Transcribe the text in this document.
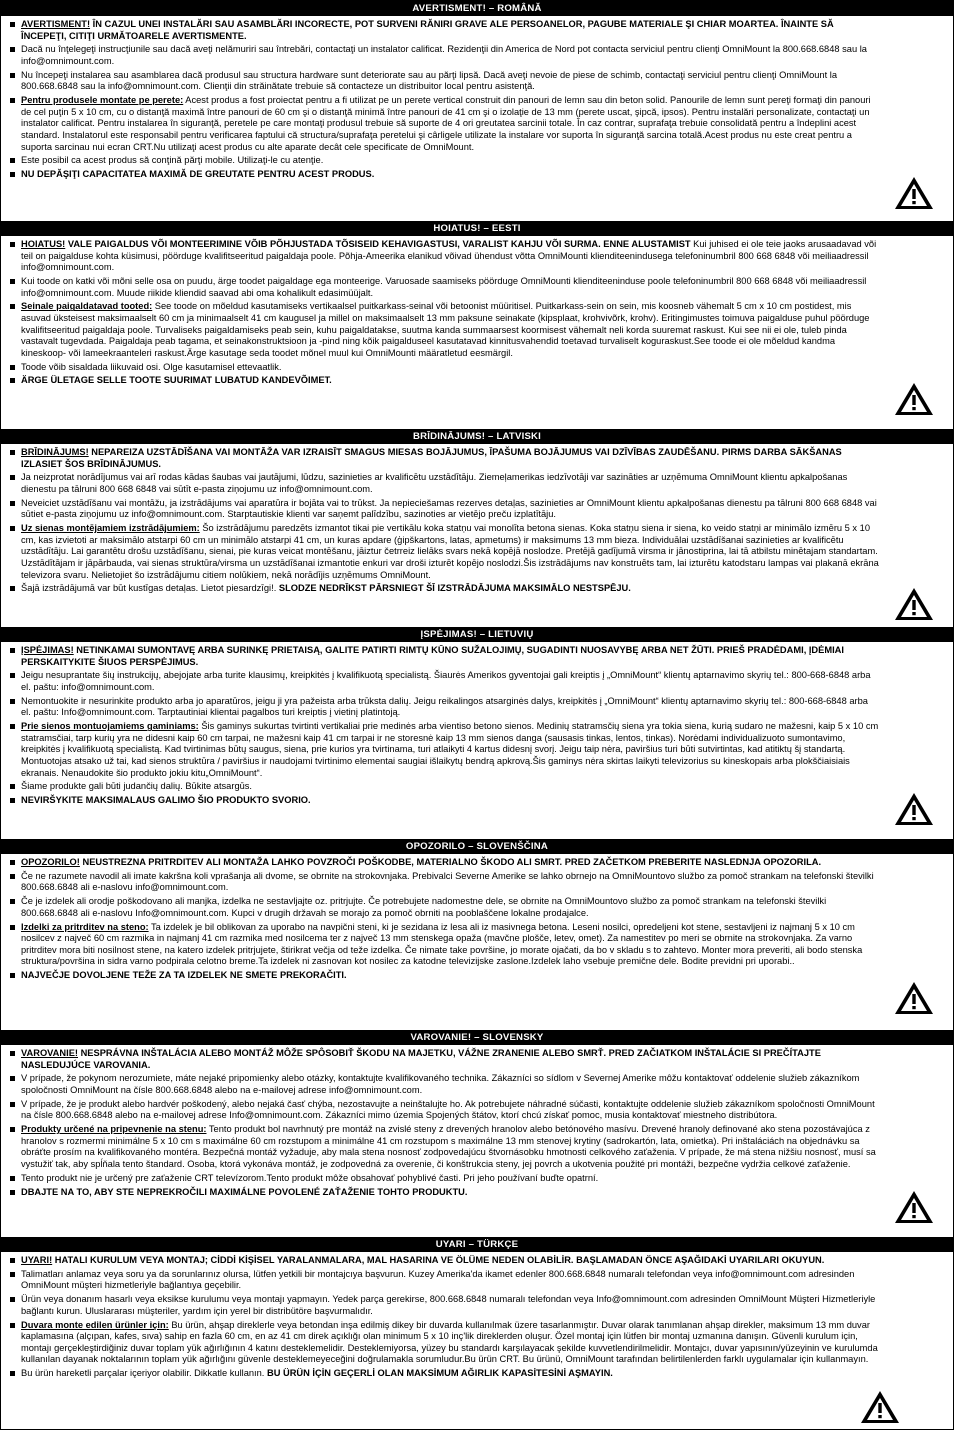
AVERTISMENT! – ROMÂNĂ
AVERTISMENT! ÎN CAZUL UNEI INSTALĂRI SAU ASAMBLĂRI INCORECTE, POT SURVENI RĂNIRI GRAVE ALE PERSOANELOR, PAGUBE MATERIALE ŞI CHIAR MOARTEA. ÎNAINTE SĂ ÎNCEPEŢI, CITIŢI URMĂTOARELE AVERTISMENTE.
Dacă nu înţelegeţi instrucţiunile sau dacă aveţi nelămuriri sau întrebări, contactaţi un instalator calificat. Rezidenţii din America de Nord pot contacta serviciul pentru clienţi OmniMount la 800.668.6848 sau la info@omnimount.com.
Nu începeţi instalarea sau asamblarea dacă produsul sau structura hardware sunt deteriorate sau au părţi lipsă. Dacă aveţi nevoie de piese de schimb, contactaţi serviciul pentru clienţi OmniMount la 800.668.6848 sau la info@omnimount.com. Clienţii din străinătate trebuie să contacteze un distribuitor local pentru asistenţă.
Pentru produsele montate pe perete: Acest produs a fost proiectat pentru a fi utilizat pe un perete vertical construit din panouri de lemn sau din beton solid. Panourile de lemn sunt pereţi formaţi din panouri de cel puţin 5 x 10 cm, cu o distanţă maximă între panouri de 60 cm şi o distanţă minimă între panouri de 41 cm şi o izolaţie de 13 mm (perete uscat, şipcă, ipsos). Pentru instalări personalizate, contactaţi un instalator calificat. Pentru instalarea în siguranţă, peretele pe care montaţi produsul trebuie să suporte de 4 ori greutatea sarcinii totale. În caz contrar, suprafaţa trebuie consolidată pentru a îndeplini acest standard. Instalatorul este responsabil pentru verificarea faptului că structura/suprafaţa peretelui şi cârligele utilizate la instalare vor suporta în siguranţă sarcina totală.Acest produs nu este creat pentru a suporta sarcinau nui ecran CRT.Nu utilizaţi acest produs cu alte aparate decât cele specificate de OmniMount.
Este posibil ca acest produs să conţină părţi mobile. Utilizaţi-le cu atenţie.
NU DEPĂŞIŢI CAPACITATEA MAXIMĂ DE GREUTATE PENTRU ACEST PRODUS.
HOIATUS! – EESTI
HOIATUS! VALE PAIGALDUS VÕI MONTEERIMINE VÕIB PÕHJUSTADA TÕSISEID KEHAVIGASTUSI, VARALIST KAHJU VÕI SURMA. ENNE ALUSTAMIST Kui juhised ei ole teie jaoks arusaadavad või teil on paigalduse kohta küsimusi, pöörduge kvalifitseeritud paigaldaja poole. Põhja-Ameerika elanikud võivad ühendust võtta OmniMounti klienditeenindusega telefoninumbril 800 668 6848 või meiliaadressil info@omnimount.com.
Kui toode on katki või mõni selle osa on puudu, ärge toodet paigaldage ega monteerige. Varuosade saamiseks pöörduge OmniMounti klienditeeninduse poole telefoninumbril 800 668 6848 või meiliaadressil info@omnimount.com. Muude riikide kliendid saavad abi oma kohalikult edasimüüjalt.
Seinale paigaldatavad tooted: See toode on mõeldud kasutamiseks vertikaalsel puitkarkass-seinal või betoonist müüritisel. Puitkarkass-sein on sein, mis koosneb vähemalt 5 cm x 10 cm postidest, mis asuvad üksteisest maksimaalselt 60 cm ja minimaalselt 41 cm kaugusel ja millel on maksimaalselt 13 mm paksune seinakate (kipsplaat, krohvivõrk, krohv). Eritingimustes toimuva paigalduse puhul pöörduge kvalifitseeritud paigaldaja poole. Turvaliseks paigaldamiseks peab sein, kuhu paigaldatakse, suutma kanda summaarsest koormisest vähemalt neli korda suuremat raskust. Kui see nii ei ole, tuleb pinda vastavalt tugevdada. Paigaldaja peab tagama, et seinakonstruktsioon ja -pind ning kõik paigalduseel kasutatavad kinnitusvahendid toetavad turvaliselt koguraskust.See toode ei ole mõeldud kandma kineskoop- või lameekraanteleri raskust.Ärge kasutage seda toodet mõnel muul kui OmniMounti määratletud eesmärgil.
Toode võib sisaldada liikuvaid osi. Olge kasutamisel ettevaatlik.
ÄRGE ÜLETAGE SELLE TOOTE SUURIMAT LUBATUD KANDEVÕIMET.
BRĪDINĀJUMS! – LATVISKI
BRĪDINĀJUMS! NEPAREIZA UZSTĀDĪŠANA VAI MONTĀŽA VAR IZRAISĪT SMAGUS MIESAS BOJĀJUMUS, ĪPAŠUMA BOJĀJUMUS VAI DZĪVĪBAS ZAUDĒŠANU. PIRMS DARBA SĀKŠANAS IZLASIET ŠOS BRĪDINĀJUMUS.
Ja neizprotat norādījumus vai arī rodas kādas šaubas vai jautājumi, lūdzu, sazinieties ar kvalificētu uzstādītāju. Ziemeļamerikas iedzīvotāji var sazināties ar uzņēmuma OmniMount klientu apkalpošanas dienestu pa tālruni 800 668 6848 vai sūtīt e-pasta ziņojumu uz info@omnimount.com.
Neveiciet uzstādīšanu vai montāžu, ja izstrādājums vai aparatūra ir bojāta vai to trūkst. Ja nepieciešamas rezerves detaļas, sazinieties ar OmniMount klientu apkalpošanas dienestu pa tālruni 800 668 6848 vai sūtiet e-pasta ziņojumu uz info@omnimount.com. Starptautiskie klienti var saņemt palīdzību, sazinoties ar vietējo preču izplatītāju.
Uz sienas montējamiem izstrādājumiem: Šo izstrādājumu paredzēts izmantot tikai pie vertikālu koka statņu vai monolīta betona sienas. Koka statņu siena ir siena, ko veido statņi ar minimālo izmēru 5 x 10 cm, kas izvietoti ar maksimālo atstarpi 60 cm un minimālo atstarpi 41 cm, un kuras apdare (ģipškartons, latas, apmetums) ir maksimums 13 mm bieza. Individuālai uzstādīšanai sazinieties ar kvalificētu uzstādītāju. Lai garantētu drošu uzstādīšanu, sienai, pie kuras veicat montēšanu, jāiztur četrreiz lielāks svars nekā kopējā noslodze. Pretējā gadījumā virsma ir jānostiprina, lai tā atbilstu minētajam standartam. Uzstādītājam ir jāpārbauda, vai sienas struktūra/virsma un uzstādīšanai izmantotie enkuri var droši izturēt kopējo noslodzi.Šis izstrādājums nav konstruēts tam, lai izturētu katodstaru lampas vai plakanā ekrāna televizora svaru. Nelietojiet šo izstrādājumu citiem nolūkiem, nekā norādījis uzņēmums OmniMount.
Šajā izstrādājumā var būt kustīgas detaļas. Lietot piesardzīgi!. SLODZE NEDRĪKST PĀRSNIEGT ŠĪ IZSTRĀDĀJUMA MAKSIMĀLO NESTSPĒJU.
ĮSPĖJIMAS! – LIETUVIŲ
ĮSPĖJIMAS! NETINKAMAI SUMONTAVĘ ARBA SURINKĘ PRIETAISĄ, GALITE PATIRTI RIMTŲ KŪNO SUŽALOJIMŲ, SUGADINTI NUOSAVYBĘ ARBA NET ŽŪTI. PRIEŠ PRADĖDAMI, ĮDĖMIAI PERSKAITYKITE ŠIUOS PERSPĖJIMUS.
Jeigu nesuprantate šių instrukcijų, abejojate arba turite klausimų, kreipkitės į kvalifikuotą specialistą. Šiaurės Amerikos gyventojai gali kreiptis į „OmniMount“ klientų aptarnavimo skyrių tel.: 800-668-6848 arba el. paštu: info@omnimount.com.
Nemontuokite ir nesurinkite produkto arba jo aparatūros, jeigu ji yra pažeista arba trūksta dalių. Jeigu reikalingos atsarginės dalys, kreipkitės į „OmniMount“ klientų aptarnavimo skyrių tel.: 800-668-6848 arba el. paštu: Info@omnimount.com. Tarptautiniai klientai pagalbos turi kreiptis į vietinį platintoją.
Prie sienos montuojamiems gaminiams: Šis gaminys sukurtas tvirtinti vertikaliai prie medinės arba vientiso betono sienos. Medinių statramsčių siena yra tokia siena, kurią sudaro ne mažesni, kaip 5 x 10 cm statramsčiai, tarp kurių yra ne didesni kaip 60 cm tarpai, ne mažesni kaip 41 cm tarpai ir ne storesnė kaip 13 mm sienos danga (sausasis tinkas, lentos, tinkas). Norėdami individualizuoto sumontavimo, kreipkitės į kvalifikuotą specialistą. Kad tvirtinimas būtų saugus, siena, prie kurios yra tvirtinama, turi atlaikyti 4 kartus didesnį svorį. Jeigu taip nėra, paviršius turi būti sutvirtintas, kad atitiktų šį standartą. Montuotojas atsako už tai, kad sienos struktūra / paviršius ir naudojami tvirtinimo elementai saugiai išlaikytų bendrą apkrovą.Šis gaminys nėra skirtas laikyti televizorius su kineskopais arba plokščiaisiais ekranais. Nenaudokite šio produkto jokiu kitu„OmniMount“.
Šiame produkte gali būti judančių dalių. Būkite atsargūs.
NEVIRŠYKITE MAKSIMALAUS GALIMO ŠIO PRODUKTO SVORIO.
OPOZORILO – SLOVENŠČINA
OPOZORILO! NEUSTREZNA PRITRDITEV ALI MONTAŽA LAHKO POVZROČI POŠKODBE, MATERIALNO ŠKODO ALI SMRT. PRED ZAČETKOM PREBERITE NASLEDNJA OPOZORILA.
Če ne razumete navodil ali imate kakršna koli vprašanja ali dvome, se obrnite na strokovnjaka. Prebivalci Severne Amerike se lahko obrnejo na OmniMountovo službo za pomoč strankam na telefonski številki 800.668.6848 ali e-naslovu info@omnimount.com.
Če je izdelek ali orodje poškodovano ali manjka, izdelka ne sestavljajte oz. pritrjujte. Če potrebujete nadomestne dele, se obrnite na OmniMountovo službo za pomoč strankam na telefonski številki 800.668.6848 ali e-naslovu Info@omnimount.com. Kupci v drugih državah se morajo za pomoč obrniti na pooblaščene lokalne prodajalce.
Izdelki za pritrditev na steno: Ta izdelek je bil oblikovan za uporabo na navpični steni, ki je sezidana iz lesa ali iz masivnega betona. Leseni nosilci, opredeljeni kot stene, sestavljeni iz najmanj 5 x 10 cm nosilcev z največ 60 cm razmika in najmanj 41 cm razmika med nosilcema ter z največ 13 mm stenskega opaža (mavčne plošče, letev, omet). Za namestitev po meri se obrnite na strokovnjaka. Za varno pritrditev mora biti nosilnost stene, na katero izdelek pritrjujete, štirikrat večja od teže izdelka. Če nimate take površine, jo morate ojačati, da bo v skladu s to zahtevo. Monter mora preveriti, ali bodo stenska struktura/površina in sidra varno podpirala celotno breme.Ta izdelek ni zasnovan kot nosilec za katodne televizijske zaslone.Izdelek laho vsebuje premične dele. Bodite previdni pri uporabi..
NAJVEČJE DOVOLJENE TEŽE ZA TA IZDELEK NE SMETE PREKORAČITI.
VAROVANIE! – SLOVENSKY
VAROVANIE! NESPRÁVNA INŠTALÁCIA ALEBO MONTÁŽ MÔŽE SPÔSOBIŤ ŠKODU NA MAJETKU, VÁŽNE ZRANENIE ALEBO SMRŤ. PRED ZAČIATKOM INŠTALÁCIE SI PREČÍTAJTE NASLEDUJÚCE VAROVANIA.
V prípade, že pokynom nerozumiete, máte nejaké pripomienky alebo otázky, kontaktujte kvalifikovaného technika. Zákazníci so sídlom v Severnej Amerike môžu kontaktovať oddelenie služieb zákazníkom spoločnosti OmniMount na čísle 800.668.6848 alebo na e-mailovej adrese info@omnimount.com.
V prípade, že je produkt alebo hardvér poškodený, alebo nejaká časť chýba, nezostavujte a neinštalujte ho. Ak potrebujete náhradné súčasti, kontaktujte oddelenie služieb zákazníkom spoločnosti OmniMount na čísle 800.668.6848 alebo na e-mailovej adrese Info@omnimount.com. Zákazníci mimo územia Spojených štátov, ktorí chcú získať pomoc, musia kontaktovať miestneho distribútora.
Produkty určené na pripevnenie na stenu: Tento produkt bol navrhnutý pre montáž na zvislé steny z drevených hranolov alebo betónového masívu. Drevené hranoly definované ako stena pozostávajúca z hranolov s rozmermi minimálne 5 x 10 cm s maximálne 60 cm rozstupom a minimálne 41 cm rozstupom s maximálne 13 mm stenovej krytiny (sadrokartón, lata, omietka). Pri inštaláciách na objednávku sa obráťte prosím na kvalifikovaného montéra. Bezpečná montáž vyžaduje, aby mala stena nosnosť zodpovedajúcu štvornásobku hmotnosti celkového zaťaženia. V prípade, že má stena nižšiu nosnosť, musí sa vystužiť tak, aby spĺňala tento štandard. Osoba, ktorá vykonáva montáž, je zodpovedná za overenie, či konštrukcia steny, jej povrch a ukotvenia použité pri montáži, bezpečne vydržia celkové zaťaženie.
Tento produkt nie je určený pre zaťaženie CRT televízorom.Tento produkt môže obsahovať pohyblivé časti. Pri jeho používaní buďte opatrní.
DBAJTE NA TO, ABY STE NEPREKROČILI MAXIMÁLNE POVOLENÉ ZAŤAŽENIE TOHTO PRODUKTU.
UYARI – TÜRKÇE
UYARI! HATALI KURULUM VEYA MONTAJ; CİDDİ KİŞİSEL YARALANMALARA, MAL HASARINA VE ÖLÜME NEDEN OLABİLİR. BAŞLAMADAN ÖNCE AŞAĞIDAKİ UYARILARI OKUYUN.
Talimatları anlamaz veya soru ya da sorunlarınız olursa, lütfen yetkili bir montajcıya başvurun. Kuzey Amerika'da ikamet edenler 800.668.6848 numaralı telefondan veya info@omnimount.com adresinden OmniMount müşteri hizmetleriyle bağlantıya geçebilir.
Ürün veya donanım hasarlı veya eksikse kurulumu veya montajı yapmayın. Yedek parça gerekirse, 800.668.6848 numaralı telefondan veya Info@omnimount.com adresinden OmniMount Müşteri Hizmetleriyle bağlantı kurun. Uluslararası müşteriler, yardım için yerel bir distribütöre başvurmalıdır.
Duvara monte edilen ürünler için: Bu ürün, ahşap direklerle veya betondan inşa edilmiş dikey bir duvarda kullanılmak üzere tasarlanmıştır. Duvar olarak tanımlanan ahşap direkler, maksimum 13 mm duvar kaplamasına (alçıpan, kafes, sıva) sahip en fazla 60 cm, en az 41 cm direk açıklığı olan minimum 5 x 10 inç'lik direklerden oluşur. Özel montaj için lütfen bir montaj uzmanına danışın. Güvenli kurulum için, montajı gerçekleştirdiğiniz duvar toplam yük ağırlığının 4 katını desteklemelidir. Desteklemiyorsa, yüzey bu standardı karşılayacak şekilde kuvvetlendirilmelidir. Montajcı, duvar yapısının/yüzeyinin ve kurulumda kullanılan dayanak noktalarının toplam yük ağırlığını güvenle desteklemeyeceğini doğrulamakla sorumludur.Bu ürün CRT. Bu ürünü, OmniMount tarafından belirtilenlerden farklı uygulamalar için kullanmayın.
Bu ürün hareketli parçalar içeriyor olabilir. Dikkatle kullanın. BU ÜRÜN İÇİN GEÇERLİ OLAN MAKSİMUM AĞIRLIK KAPASİTESİNİ AŞMAYIN.
